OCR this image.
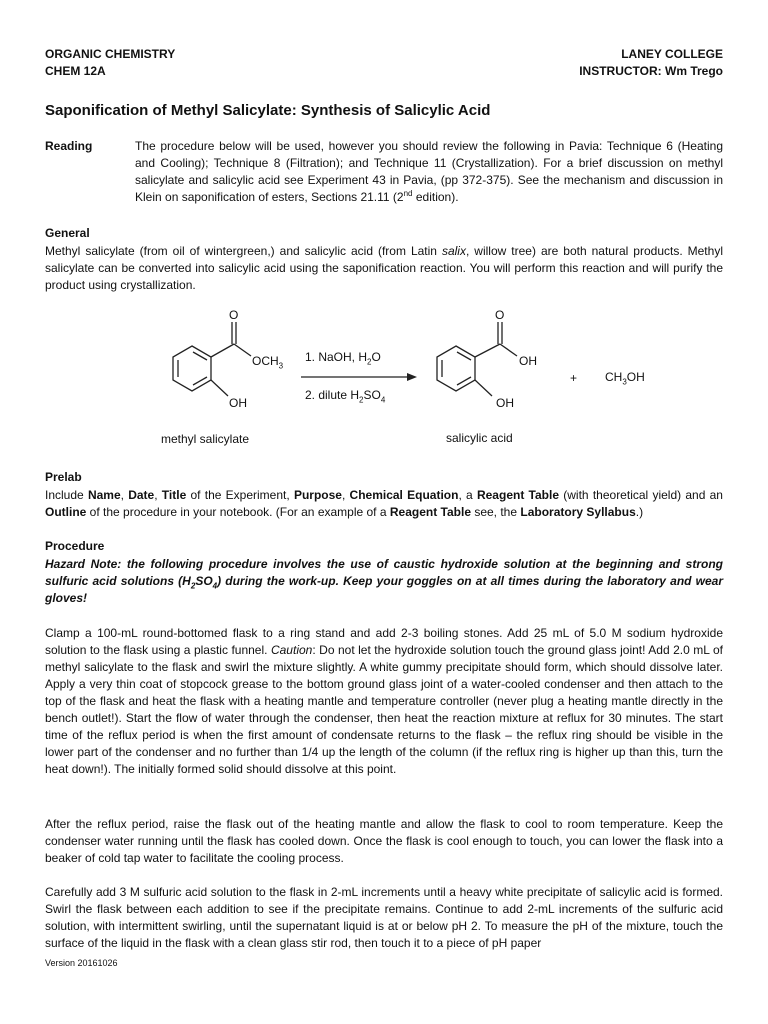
ORGANIC CHEMISTRY
CHEM 12A
LANEY COLLEGE
INSTRUCTOR: Wm Trego
Saponification of Methyl Salicylate: Synthesis of Salicylic Acid
Reading	The procedure below will be used, however you should review the following in Pavia: Technique 6 (Heating and Cooling); Technique 8 (Filtration); and Technique 11 (Crystallization). For a brief discussion on methyl salicylate and salicylic acid see Experiment 43 in Pavia, (pp 372-375). See the mechanism and discussion in Klein on saponification of esters, Sections 21.11 (2nd edition).
General
Methyl salicylate (from oil of wintergreen,) and salicylic acid (from Latin salix, willow tree) are both natural products. Methyl salicylate can be converted into salicylic acid using the saponification reaction. You will perform this reaction and will purify the product using crystallization.
O
$OCH_3$
OH
1. NaOH, $H_2O$
2. dilute $H_2SO_4$
O
OH
OH
+ $CH_3OH$
methyl salicylate	salicylic acid
Prelab
Include Name, Date, Title of the Experiment, Purpose, Chemical Equation, a Reagent Table (with theoretical yield) and an Outline of the procedure in your notebook. (For an example of a Reagent Table see, the Laboratory Syllabus.)
Procedure
Hazard Note: the following procedure involves the use of caustic hydroxide solution at the beginning and strong sulfuric acid solutions $(H_2SO_4)$ during the work-up. Keep your goggles on at all times during the laboratory and wear gloves!
Clamp a 100-mL round-bottomed flask to a ring stand and add 2-3 boiling stones. Add 25 mL of 5.0 M sodium hydroxide solution to the flask using a plastic funnel. Caution: Do not let the hydroxide solution touch the ground glass joint! Add 2.0 mL of methyl salicylate to the flask and swirl the mixture slightly. A white gummy precipitate should form, which should dissolve later. Apply a very thin coat of stopcock grease to the bottom ground glass joint of a water-cooled condenser and then attach to the top of the flask and heat the flask with a heating mantle and temperature controller (never plug a heating mantle directly in the bench outlet!). Start the flow of water through the condenser, then heat the reaction mixture at reflux for 30 minutes. The start time of the reflux period is when the first amount of condensate returns to the flask – the reflux ring should be visible in the lower part of the condenser and no further than 1/4 up the length of the column (if the reflux ring is higher up than this, turn the heat down!). The initially formed solid should dissolve at this point.
After the reflux period, raise the flask out of the heating mantle and allow the flask to cool to room temperature. Keep the condenser water running until the flask has cooled down. Once the flask is cool enough to touch, you can lower the flask into a beaker of cold tap water to facilitate the cooling process.
Carefully add 3 M sulfuric acid solution to the flask in 2-mL increments until a heavy white precipitate of salicylic acid is formed. Swirl the flask between each addition to see if the precipitate remains. Continue to add 2-mL increments of the sulfuric acid solution, with intermittent swirling, until the supernatant liquid is at or below pH 2. To measure the pH of the mixture, touch the surface of the liquid in the flask with a clean glass stir rod, then touch it to a piece of pH paper
Version 20161026
